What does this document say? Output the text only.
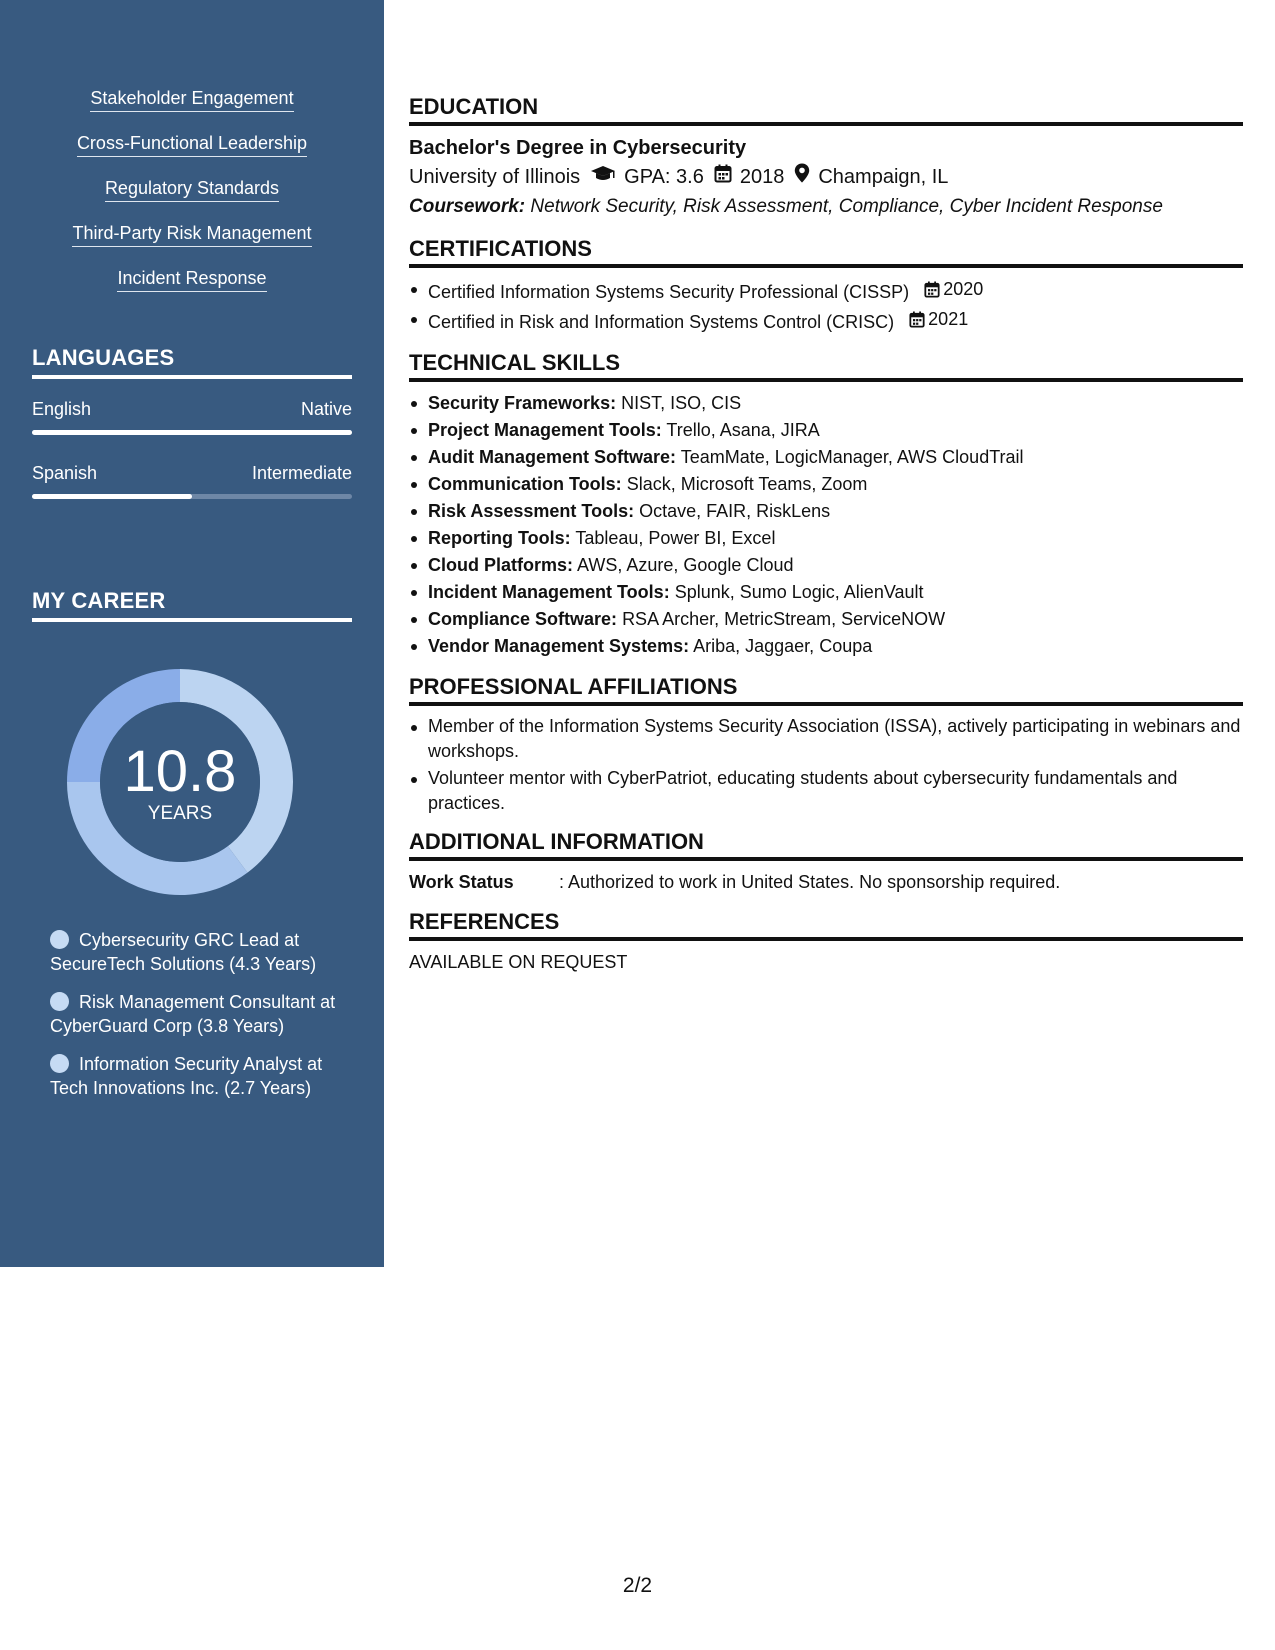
Stakeholder Engagement
Cross-Functional Leadership
Regulatory Standards
Third-Party Risk Management
Incident Response
LANGUAGES
English	Native
Spanish	Intermediate
MY CAREER
10.8
YEARS
Cybersecurity GRC Lead at SecureTech Solutions (4.3 Years)
Risk Management Consultant at CyberGuard Corp (3.8 Years)
Information Security Analyst at Tech Innovations Inc. (2.7 Years)
EDUCATION
Bachelor's Degree in Cybersecurity
University of Illinois GPA: 3.6 2018 Champaign, IL
Coursework: Network Security, Risk Assessment, Compliance, Cyber Incident Response
CERTIFICATIONS
Certified Information Systems Security Professional (CISSP) 2020
Certified in Risk and Information Systems Control (CRISC) 2021
TECHNICAL SKILLS
Security Frameworks: NIST, ISO, CIS
Project Management Tools: Trello, Asana, JIRA
Audit Management Software: TeamMate, LogicManager, AWS CloudTrail
Communication Tools: Slack, Microsoft Teams, Zoom
Risk Assessment Tools: Octave, FAIR, RiskLens
Reporting Tools: Tableau, Power BI, Excel
Cloud Platforms: AWS, Azure, Google Cloud
Incident Management Tools: Splunk, Sumo Logic, AlienVault
Compliance Software: RSA Archer, MetricStream, ServiceNOW
Vendor Management Systems: Ariba, Jaggaer, Coupa
PROFESSIONAL AFFILIATIONS
Member of the Information Systems Security Association (ISSA), actively participating in webinars and workshops.
Volunteer mentor with CyberPatriot, educating students about cybersecurity fundamentals and practices.
ADDITIONAL INFORMATION
Work Status	: Authorized to work in United States. No sponsorship required.
REFERENCES
AVAILABLE ON REQUEST
2/2
